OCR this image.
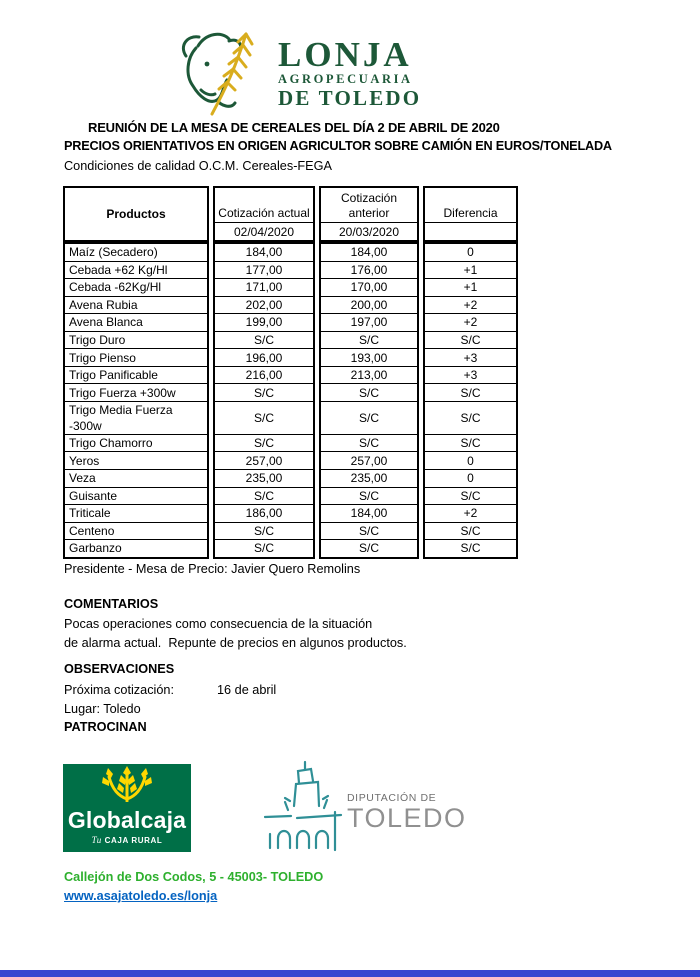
LONJA
AGROPECUARIA
DE TOLEDO
REUNIÓN DE LA MESA DE CEREALES DEL DÍA 2 DE ABRIL DE 2020
PRECIOS ORIENTATIVOS EN ORIGEN AGRICULTOR SOBRE CAMIÓN EN EUROS/TONELADA
Condiciones de calidad O.C.M. Cereales-FEGA
Productos	Cotización actual	Cotización anterior	Diferencia
	02/04/2020	20/03/2020	
Maíz (Secadero)	184,00	184,00	0
Cebada +62 Kg/Hl	177,00	176,00	+1
Cebada -62Kg/Hl	171,00	170,00	+1
Avena Rubia	202,00	200,00	+2
Avena Blanca	199,00	197,00	+2
Trigo Duro	S/C	S/C	S/C
Trigo Pienso	196,00	193,00	+3
Trigo Panificable	216,00	213,00	+3
Trigo Fuerza +300w	S/C	S/C	S/C
Trigo Media Fuerza -300w	S/C	S/C	S/C
Trigo Chamorro	S/C	S/C	S/C
Yeros	257,00	257,00	0
Veza	235,00	235,00	0
Guisante	S/C	S/C	S/C
Triticale	186,00	184,00	+2
Centeno	S/C	S/C	S/C
Garbanzo	S/C	S/C	S/C
Presidente - Mesa de Precio: Javier Quero Remolins
COMENTARIOS
Pocas operaciones como consecuencia de la situación
de alarma actual.  Repunte de precios en algunos productos.
OBSERVACIONES
Próxima cotización:	16 de abril
Lugar: Toledo
PATROCINAN
Globalcaja
Tu CAJA RURAL
DIPUTACIÓN DE
TOLEDO
Callejón de Dos Codos, 5 - 45003- TOLEDO
www.asajatoledo.es/lonja
